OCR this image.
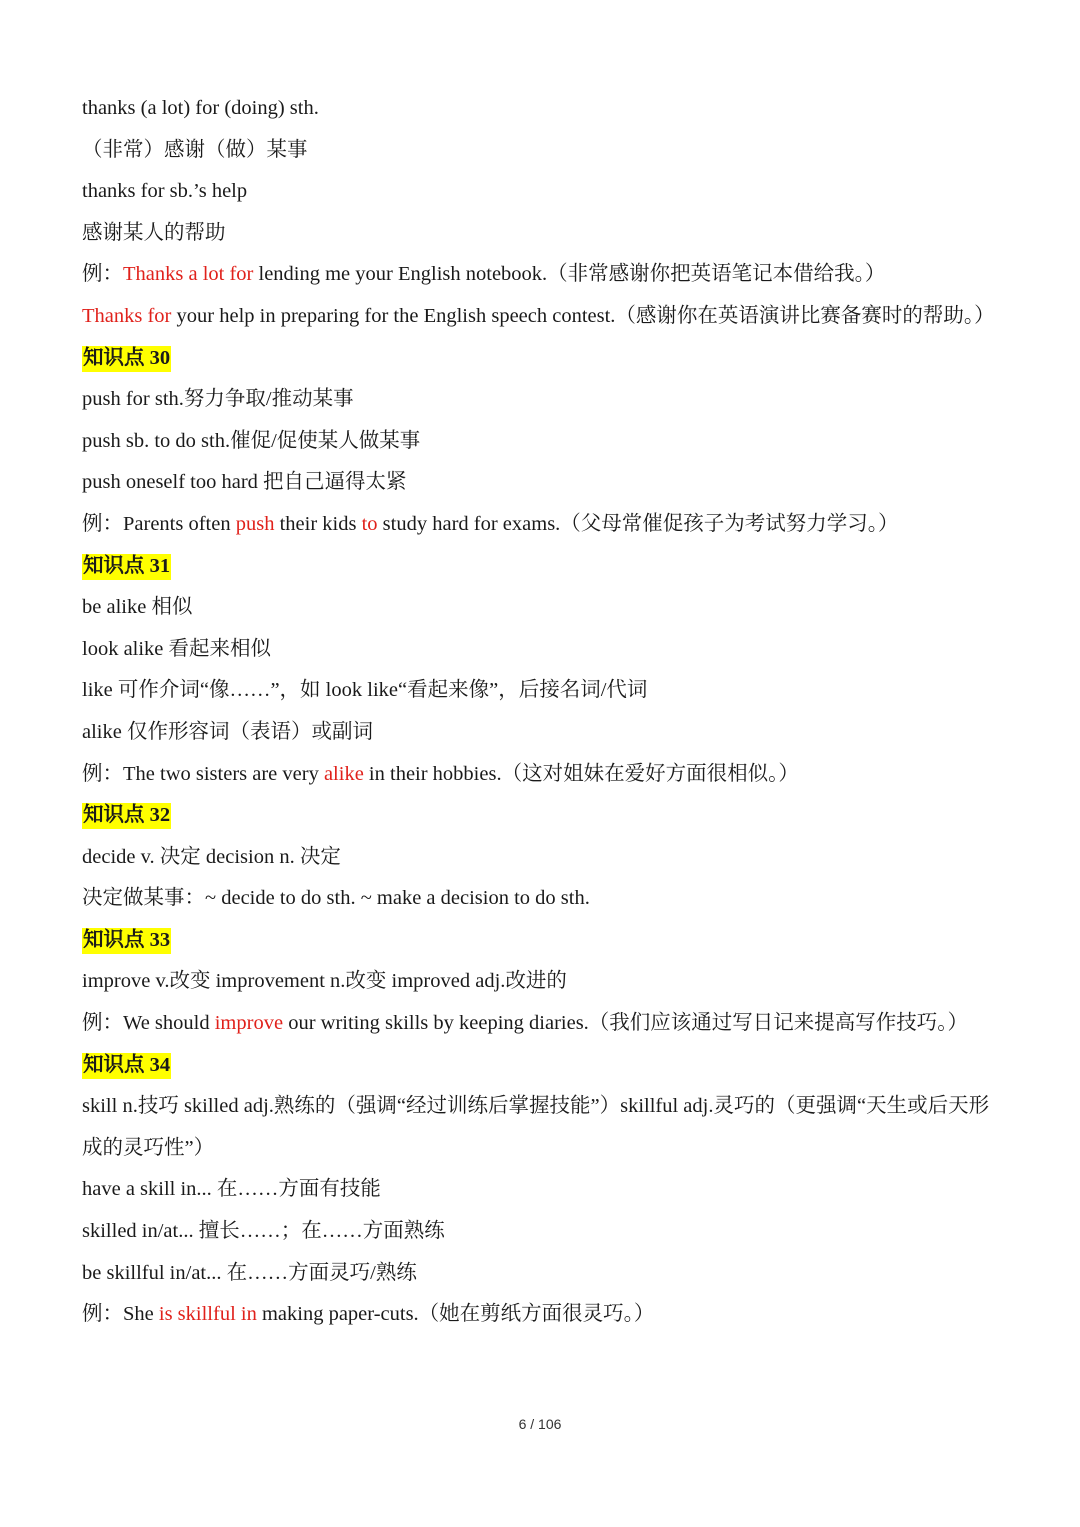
thanks (a lot) for (doing) sth.
（非常）感谢（做）某事
thanks for sb.’s help
感谢某人的帮助
例：Thanks a lot for lending me your English notebook.（非常感谢你把英语笔记本借给我。）
Thanks for your help in preparing for the English speech contest.（感谢你在英语演讲比赛备赛时的帮助。）
知识点 30
push for sth.努力争取/推动某事
push sb. to do sth.催促/促使某人做某事
push oneself too hard 把自己逼得太紧
例：Parents often push their kids to study hard for exams.（父母常催促孩子为考试努力学习。）
知识点 31
be alike 相似
look alike 看起来相似
like 可作介词“像……”，如 look like“看起来像”，后接名词/代词
alike 仅作形容词（表语）或副词
例：The two sisters are very alike in their hobbies.（这对姐妹在爱好方面很相似。）
知识点 32
decide v. 决定 decision n. 决定
决定做某事：~ decide to do sth. ~ make a decision to do sth.
知识点 33
improve v.改变 improvement n.改变 improved adj.改进的
例：We should improve our writing skills by keeping diaries.（我们应该通过写日记来提高写作技巧。）
知识点 34
skill n.技巧 skilled adj.熟练的（强调“经过训练后掌握技能”）skillful adj.灵巧的（更强调“天生或后天形成的灵巧性”）
have a skill in... 在……方面有技能
skilled in/at... 擅长……；在……方面熟练
be skillful in/at... 在……方面灵巧/熟练
例：She is skillful in making paper-cuts.（她在剪纸方面很灵巧。）
6 / 106
